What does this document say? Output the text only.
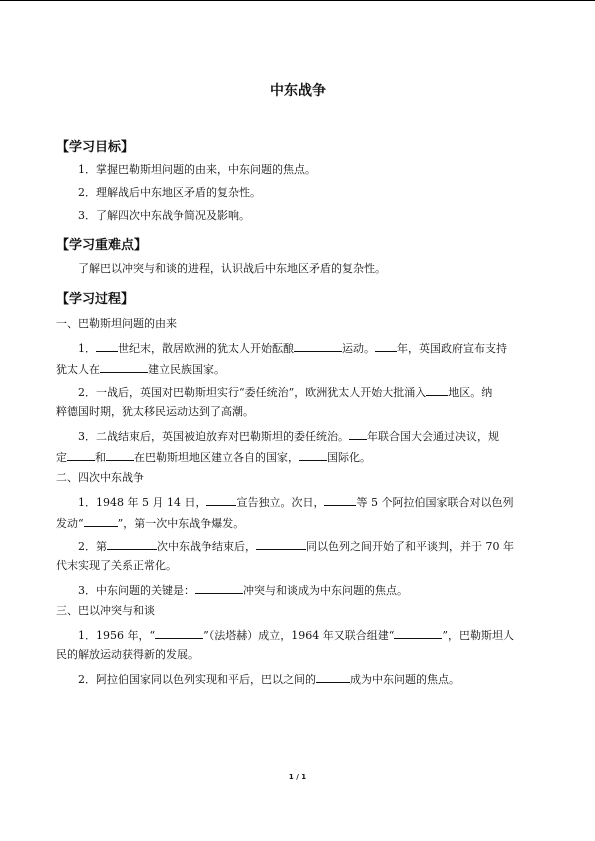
中东战争
【学习目标】
1．掌握巴勒斯坦问题的由来，中东问题的焦点。
2．理解战后中东地区矛盾的复杂性。
3．了解四次中东战争简况及影响。
【学习重难点】
了解巴以冲突与和谈的进程，认识战后中东地区矛盾的复杂性。
【学习过程】
一、巴勒斯坦问题的由来
1． 世纪末，散居欧洲的犹太人开始酝酿	运动。 年，英国政府宣布支持
犹太人在	建立民族国家。
2．一战后，英国对巴勒斯坦实行“委任统治”，欧洲犹太人开始大批涌入 地区。纳
粹德国时期，犹太移民运动达到了高潮。
3．二战结束后，英国被迫放弃对巴勒斯坦的委任统治。 年联合国大会通过决议，规
定	和	在巴勒斯坦地区建立各自的国家，	国际化。
二、四次中东战争
1．1948 年 5 月 14 日，	宣告独立。次日，	等 5 个阿拉伯国家联合对以色列
发动“	”，第一次中东战争爆发。
2．第	次中东战争结束后，	同以色列之间开始了和平谈判，并于 70 年
代末实现了关系正常化。
3．中东问题的关键是：	冲突与和谈成为中东问题的焦点。
三、巴以冲突与和谈
1．1956 年，“	”（法塔赫）成立，1964 年又联合组建“	”，巴勒斯坦人
民的解放运动获得新的发展。
2．阿拉伯国家同以色列实现和平后，巴以之间的	成为中东问题的焦点。
1 / 1
